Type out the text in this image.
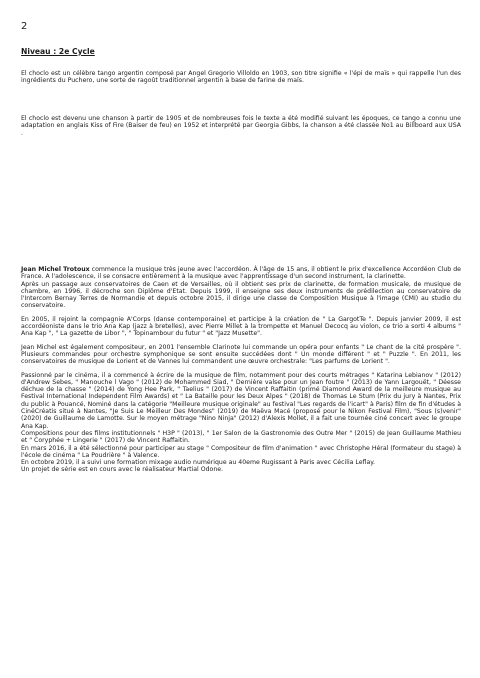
2
Niveau : 2e Cycle

El choclo est un célèbre tango argentin composé par Angel Gregorio Villoldo en 1903, son titre signifie « l'épi de maïs » qui rappelle l'un des ingrédients du Puchero, une sorte de ragoût traditionnel argentin à base de farine de maïs.

El choclo est devenu une chanson à partir de 1905 et de nombreuses fois le texte a été modifié suivant les époques, ce tango a connu une adaptation en anglais Kiss of Fire (Baiser de feu) en 1952 et interprété par Georgia Gibbs, la chanson a été classée No1 au Billboard aux USA .

Jean Michel Trotoux commence la musique très jeune avec l'accordéon. À l'âge de 15 ans, il obtient le prix d'excellence Accordéon Club de France. A l'adolescence, il se consacre entièrement à la musique avec l'apprentissage d'un second instrument, la clarinette.

Après un passage aux conservatoires de Caen et de Versailles, où il obtient ses prix de clarinette, de formation musicale, de musique de chambre, en 1996, il décroche son Diplôme d'Etat. Depuis 1999, il enseigne ses deux instruments de prédilection au conservatoire de l'Intercom Bernay Terres de Normandie et depuis octobre 2015, il dirige une classe de Composition Musique à l'image (CMI) au studio du conservatoire.

En 2005, il rejoint la compagnie A'Corps (danse contemporaine) et participe à la création de " La GargotTe ". Depuis janvier 2009, il est accordéoniste dans le trio Ana Kap (jazz à bretelles), avec Pierre Millet à la trompette et Manuel Decocq au violon, ce trio a sorti 4 albums " Ana Kap ", " La gazette de Libor ", " Topinambour du futur " et "Jazz Musette".

Jean Michel est également compositeur, en 2001 l'ensemble Clarinote lui commande un opéra pour enfants " Le chant de la cité prospère ". Plusieurs commandes pour orchestre symphonique se sont ensuite succédées dont " Un monde différent " et " Puzzle ". En 2011, les conservatoires de musique de Lorient et de Vannes lui commandent une œuvre orchestrale: "Les parfums de Lorient ".

Passionné par le cinéma, il a commencé à écrire de la musique de film, notamment pour des courts métrages " Katarina Lebianov " (2012) d'Andrew Sebes, " Manouche l Vago " (2012) de Mohammed Siad, " Dernière valse pour un Jean foutre " (2013) de Yann Largouët, " Déesse déchue de la chasse " (2014) de Yong Hee Park, " Taelius " (2017) de Vincent Raffaitin (primé Diamond Award de la meilleure musique au Festival International Independent Film Awards) et " La Bataille pour les Deux Alpes " (2018) de Thomas Le Stum (Prix du jury à Nantes, Prix du public à Pouancé, Nominé dans la catégorie "Meilleure musique originale" au festival "Les regards de l'icart" à Paris) film de fin d'études à CinéCréatis situé à Nantes, "Je Suis Le Meilleur Des Mondes" (2019) de Maëva Macé (proposé pour le Nikon Festival Film), "Sous (s)venir" (2020) de Guillaume de Lamotte. Sur le moyen métrage "Nino Ninja" (2012) d'Alexis Mollet, il a fait une tournée ciné concert avec le groupe Ana Kap.

Compositions pour des films institutionnels " H3P " (2013), " 1er Salon de la Gastronomie des Outre Mer " (2015) de Jean Guillaume Mathieu et " Coryphée + Lingerie " (2017) de Vincent Raffaitin.

En mars 2016, il a été sélectionné pour participer au stage " Compositeur de film d'animation " avec Christophe Héral (formateur du stage) à l'école de cinéma " La Poudrière " à Valence.

En octobre 2019, il a suivi une formation mixage audio numérique au 40eme Rugissant à Paris avec Cécilia Leflay.

Un projet de série est en cours avec le réalisateur Martial Odone.
